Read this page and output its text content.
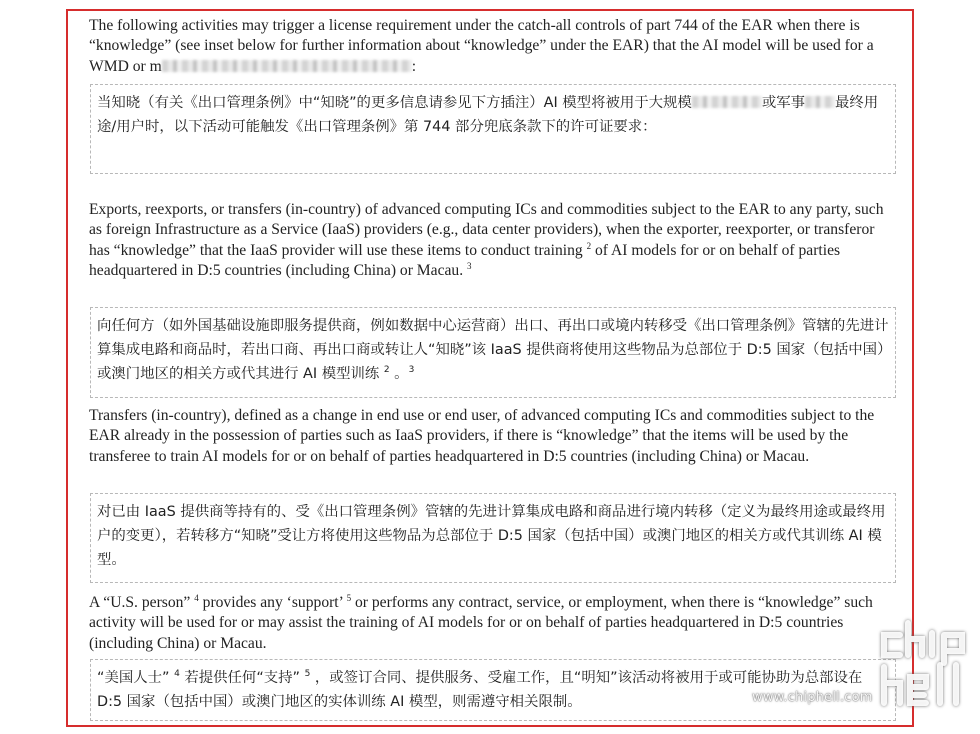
The following activities may trigger a license requirement under the catch-all controls of part 744 of the EAR when there is “knowledge” (see inset below for further information about “knowledge” under the EAR) that the AI model will be used for a WMD or m	:
当知晓（有关《出口管理条例》中“知晓”的更多信息请参见下方插注）AI 模型将被用于大规模	或军事 最终用途/用户时，以下活动可能触发《出口管理条例》第 744 部分兜底条款下的许可证要求：
Exports, reexports, or transfers (in-country) of advanced computing ICs and commodities subject to the EAR to any party, such as foreign Infrastructure as a Service (IaaS) providers (e.g., data center providers), when the exporter, reexporter, or transferor has “knowledge” that the IaaS provider will use these items to conduct training $^2$ of AI models for or on behalf of parties headquartered in D:5 countries (including China) or Macau. $^3$
向任何方（如外国基础设施即服务提供商，例如数据中心运营商）出口、再出口或境内转移受《出口管理条例》管辖的先进计算集成电路和商品时，若出口商、再出口商或转让人“知晓”该 IaaS 提供商将使用这些物品为总部位于 D:5 国家（包括中国）或澳门地区的相关方或代其进行 AI 模型训练 $^2$ 。$^3$
Transfers (in-country), defined as a change in end use or end user, of advanced computing ICs and commodities subject to the EAR already in the possession of parties such as IaaS providers, if there is “knowledge” that the items will be used by the transferee to train AI models for or on behalf of parties headquartered in D:5 countries (including China) or Macau.
对已由 IaaS 提供商等持有的、受《出口管理条例》管辖的先进计算集成电路和商品进行境内转移（定义为最终用途或最终用户的变更），若转移方“知晓”受让方将使用这些物品为总部位于 D:5 国家（包括中国）或澳门地区的相关方或代其训练 AI 模型。
A “U.S. person” $^4$ provides any ‘support’ $^5$ or performs any contract, service, or employment, when there is “knowledge” such activity will be used for or may assist the training of AI models for or on behalf of parties headquartered in D:5 countries (including China) or Macau.
“美国人士” $^4$ 若提供任何“支持” $^5$ ，或签订合同、提供服务、受雇工作，且“明知”该活动将被用于或可能协助为总部设在 D:5 国家（包括中国）或澳门地区的实体训练 AI 模型，则需遵守相关限制。	www.chiphell.com
